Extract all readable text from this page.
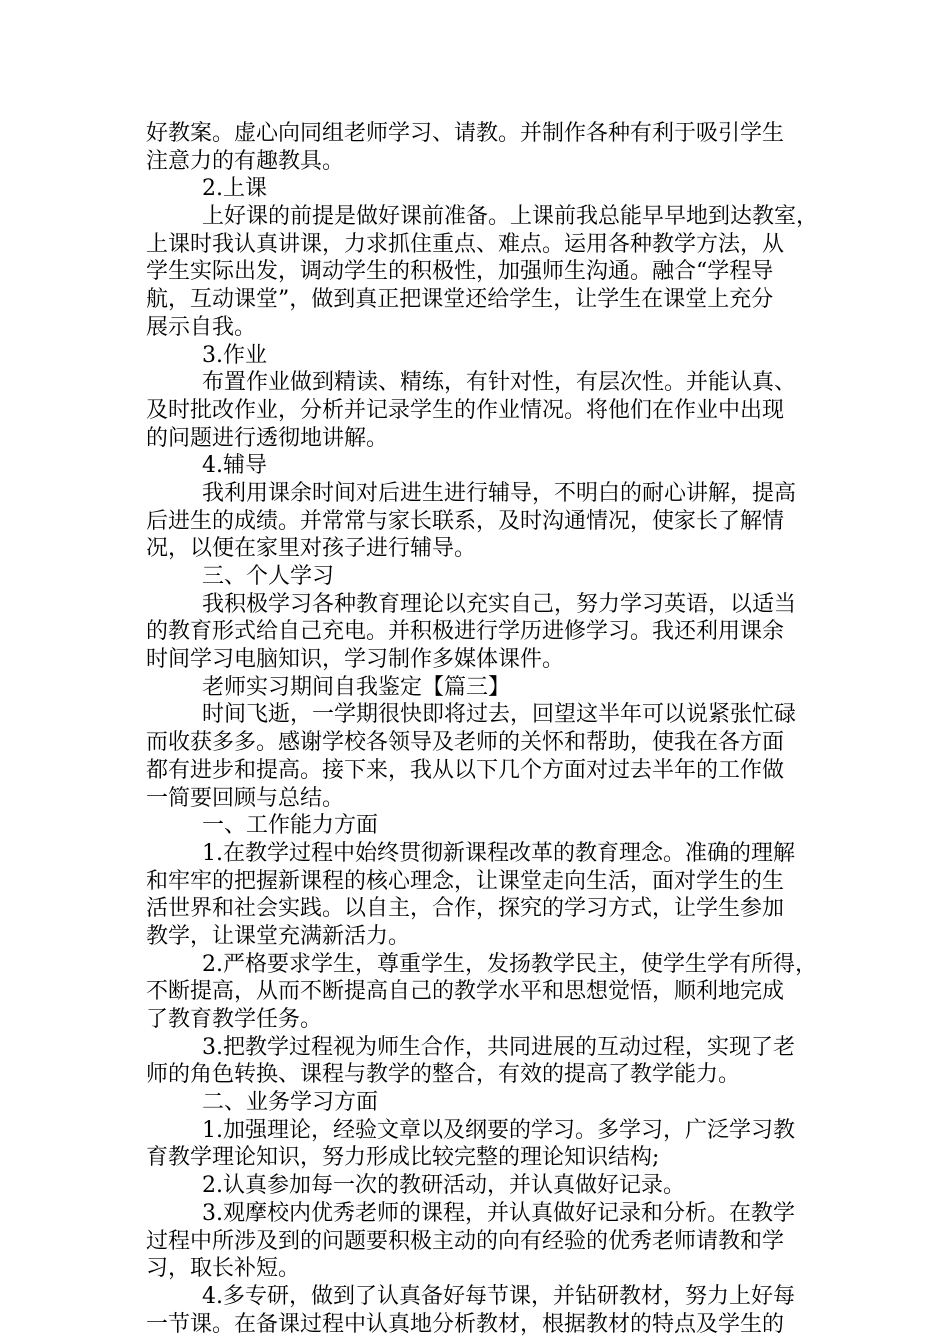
好教案。虚心向同组老师学习、请教。并制作各种有利于吸引学生
注意力的有趣教具。
2.上课
上好课的前提是做好课前准备。上课前我总能早早地到达教室，
上课时我认真讲课，力求抓住重点、难点。运用各种教学方法，从
学生实际出发，调动学生的积极性，加强师生沟通。融合“学程导
航，互动课堂”，做到真正把课堂还给学生，让学生在课堂上充分
展示自我。
3.作业
布置作业做到精读、精练，有针对性，有层次性。并能认真、
及时批改作业，分析并记录学生的作业情况。将他们在作业中出现
的问题进行透彻地讲解。
4.辅导
我利用课余时间对后进生进行辅导，不明白的耐心讲解，提高
后进生的成绩。并常常与家长联系，及时沟通情况，使家长了解情
况，以便在家里对孩子进行辅导。
三、个人学习
我积极学习各种教育理论以充实自己，努力学习英语，以适当
的教育形式给自己充电。并积极进行学历进修学习。我还利用课余
时间学习电脑知识，学习制作多媒体课件。
老师实习期间自我鉴定【篇三】
时间飞逝，一学期很快即将过去，回望这半年可以说紧张忙碌
而收获多多。感谢学校各领导及老师的关怀和帮助，使我在各方面
都有进步和提高。接下来，我从以下几个方面对过去半年的工作做
一简要回顾与总结。
一、工作能力方面
1.在教学过程中始终贯彻新课程改革的教育理念。准确的理解
和牢牢的把握新课程的核心理念，让课堂走向生活，面对学生的生
活世界和社会实践。以自主，合作，探究的学习方式，让学生参加
教学，让课堂充满新活力。
2.严格要求学生，尊重学生，发扬教学民主，使学生学有所得，
不断提高，从而不断提高自己的教学水平和思想觉悟，顺利地完成
了教育教学任务。
3.把教学过程视为师生合作，共同进展的互动过程，实现了老
师的角色转换、课程与教学的整合，有效的提高了教学能力。
二、业务学习方面
1.加强理论，经验文章以及纲要的学习。多学习，广泛学习教
育教学理论知识，努力形成比较完整的理论知识结构;
2.认真参加每一次的教研活动，并认真做好记录。
3.观摩校内优秀老师的课程，并认真做好记录和分析。在教学
过程中所涉及到的问题要积极主动的向有经验的优秀老师请教和学
习，取长补短。
4.多专研，做到了认真备好每节课，并钻研教材，努力上好每
一节课。在备课过程中认真地分析教材，根据教材的特点及学生的
